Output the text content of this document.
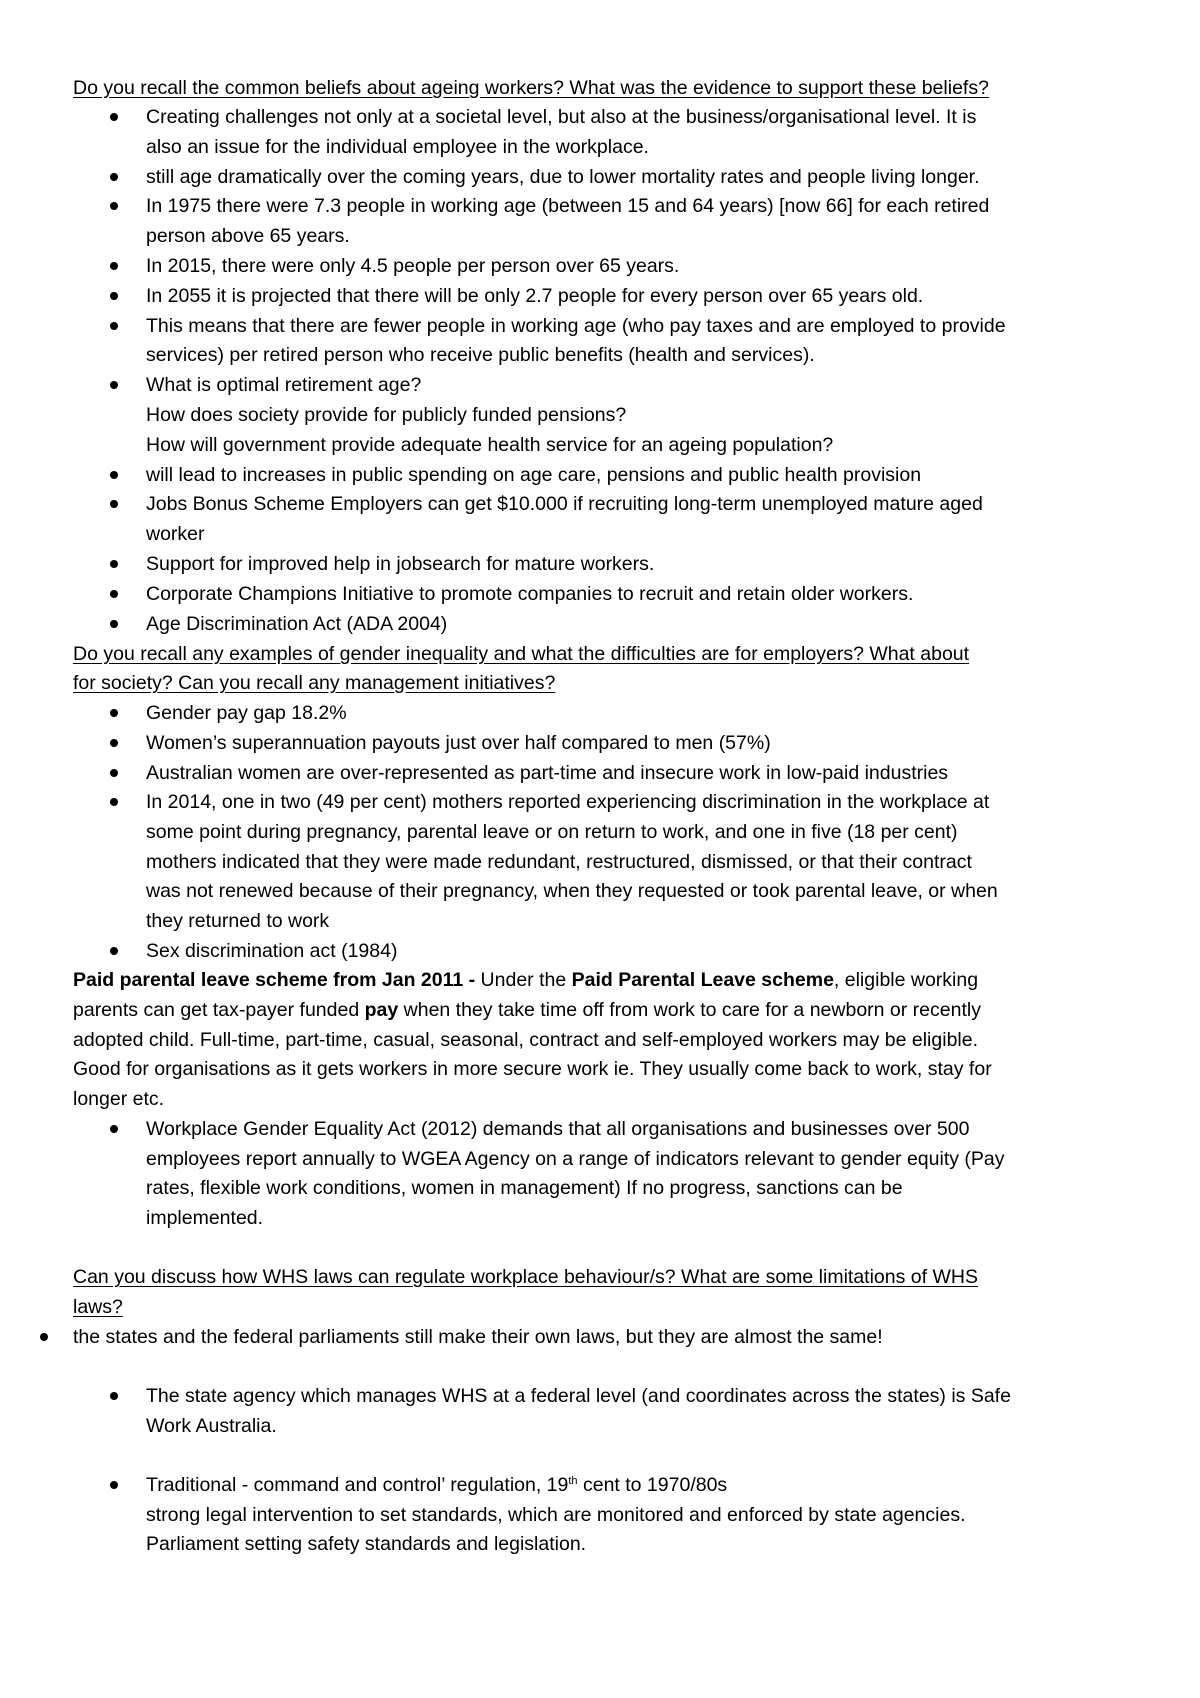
Do you recall the common beliefs about ageing workers? What was the evidence to support these beliefs?
Creating challenges not only at a societal level, but also at the business/organisational level. It is
also an issue for the individual employee in the workplace.
still age dramatically over the coming years, due to lower mortality rates and people living longer.
In 1975 there were 7.3 people in working age (between 15 and 64 years) [now 66] for each retired
person above 65 years.
In 2015, there were only 4.5 people per person over 65 years.
In 2055 it is projected that there will be only 2.7 people for every person over 65 years old.
This means that there are fewer people in working age (who pay taxes and are employed to provide
services) per retired person who receive public benefits (health and services).
What is optimal retirement age?
How does society provide for publicly funded pensions?
How will government provide adequate health service for an ageing population?
will lead to increases in public spending on age care, pensions and public health provision
Jobs Bonus Scheme Employers can get $10.000 if recruiting long-term unemployed mature aged
worker
Support for improved help in jobsearch for mature workers.
Corporate Champions Initiative to promote companies to recruit and retain older workers.
Age Discrimination Act (ADA 2004)
Do you recall any examples of gender inequality and what the difficulties are for employers? What about
for society? Can you recall any management initiatives?
Gender pay gap 18.2%
Women’s superannuation payouts just over half compared to men (57%)
Australian women are over-represented as part-time and insecure work in low-paid industries
In 2014, one in two (49 per cent) mothers reported experiencing discrimination in the workplace at
some point during pregnancy, parental leave or on return to work, and one in five (18 per cent)
mothers indicated that they were made redundant, restructured, dismissed, or that their contract
was not renewed because of their pregnancy, when they requested or took parental leave, or when
they returned to work
Sex discrimination act (1984)
Paid parental leave scheme from Jan 2011 - Under the Paid Parental Leave scheme, eligible working
parents can get tax-payer funded pay when they take time off from work to care for a newborn or recently
adopted child. Full-time, part-time, casual, seasonal, contract and self-employed workers may be eligible.
Good for organisations as it gets workers in more secure work ie. They usually come back to work, stay for
longer etc.
Workplace Gender Equality Act (2012) demands that all organisations and businesses over 500
employees report annually to WGEA Agency on a range of indicators relevant to gender equity (Pay
rates, flexible work conditions, women in management) If no progress, sanctions can be
implemented.
Can you discuss how WHS laws can regulate workplace behaviour/s? What are some limitations of WHS
laws?
the states and the federal parliaments still make their own laws, but they are almost the same!
The state agency which manages WHS at a federal level (and coordinates across the states) is Safe
Work Australia.
Traditional - command and control’ regulation, 19th cent to 1970/80s
strong legal intervention to set standards, which are monitored and enforced by state agencies.
Parliament setting safety standards and legislation.
